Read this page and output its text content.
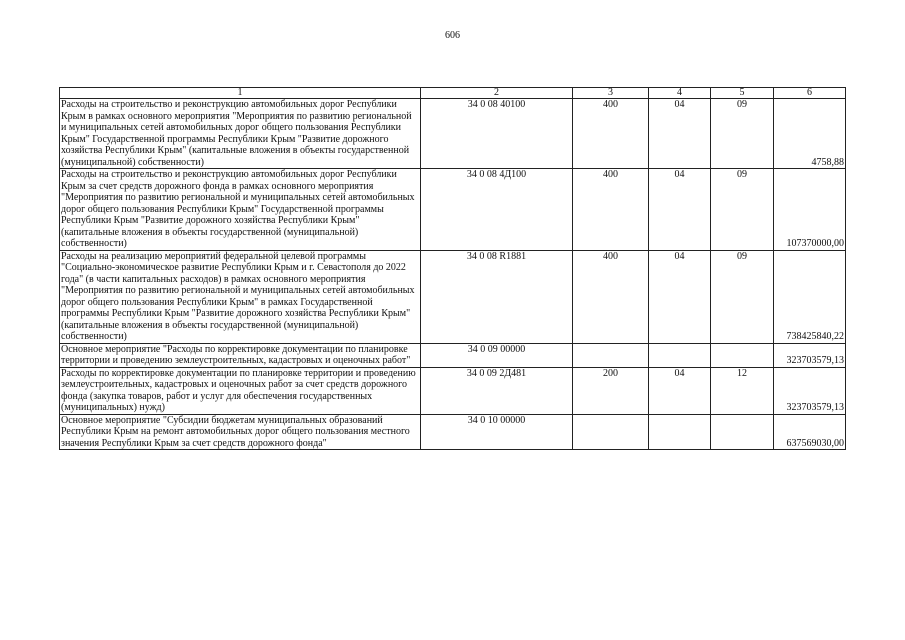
606
1	2	3	4	5	6
Расходы на строительство и реконструкцию автомобильных дорог Республики Крым в рамках основного мероприятия "Мероприятия по развитию региональной и муниципальных сетей автомобильных дорог общего пользования Республики Крым" Государственной программы Республики Крым "Развитие дорожного хозяйства Республики Крым" (капитальные вложения в объекты государственной (муниципальной) собственности)	34 0 08 40100	400	04	09	4758,88
Расходы на строительство и реконструкцию автомобильных дорог Республики Крым за счет средств дорожного фонда в рамках основного мероприятия "Мероприятия по развитию региональной и муниципальных сетей автомобильных дорог общего пользования Республики Крым" Государственной программы Республики Крым "Развитие дорожного хозяйства Республики Крым" (капитальные вложения в объекты государственной (муниципальной) собственности)	34 0 08 4Д100	400	04	09	107370000,00
Расходы на реализацию мероприятий федеральной целевой программы "Социально-экономическое развитие Республики Крым и г. Севастополя до 2022 года" (в части капитальных расходов) в рамках основного мероприятия "Мероприятия по развитию региональной и муниципальных сетей автомобильных дорог общего пользования Республики Крым" в рамках Государственной программы Республики Крым "Развитие дорожного хозяйства Республики Крым" (капитальные вложения в объекты государственной (муниципальной) собственности)	34 0 08 R1881	400	04	09	738425840,22
Основное мероприятие "Расходы по корректировке документации по планировке территории и проведению землеустроительных, кадастровых и оценочных работ"	34 0 09 00000				323703579,13
Расходы по корректировке документации по планировке территории и проведению землеустроительных, кадастровых и оценочных работ за счет средств дорожного фонда (закупка товаров, работ и услуг для обеспечения государственных (муниципальных) нужд)	34 0 09 2Д481	200	04	12	323703579,13
Основное мероприятие "Субсидии бюджетам муниципальных образований Республики Крым на ремонт автомобильных дорог общего пользования местного значения Республики Крым за счет средств дорожного фонда"	34 0 10 00000				637569030,00
